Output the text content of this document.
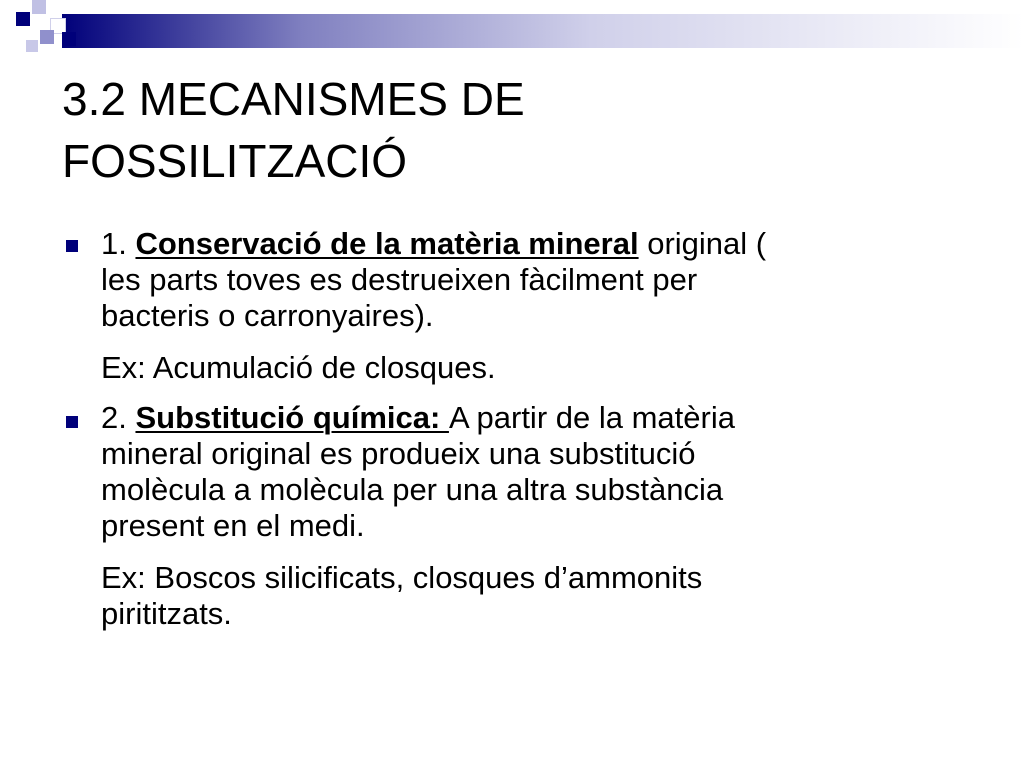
3.2 MECANISMES DE
FOSSILITZACIÓ
1. Conservació de la matèria mineral original (
les parts toves es destrueixen fàcilment per
bacteris o carronyaires).
Ex: Acumulació de closques.
2. Substitució química: A partir de la matèria
mineral original es produeix una substitució
molècula a molècula per una altra substància
present en el medi.
Ex: Boscos silicificats, closques d’ammonits
pirititzats.
